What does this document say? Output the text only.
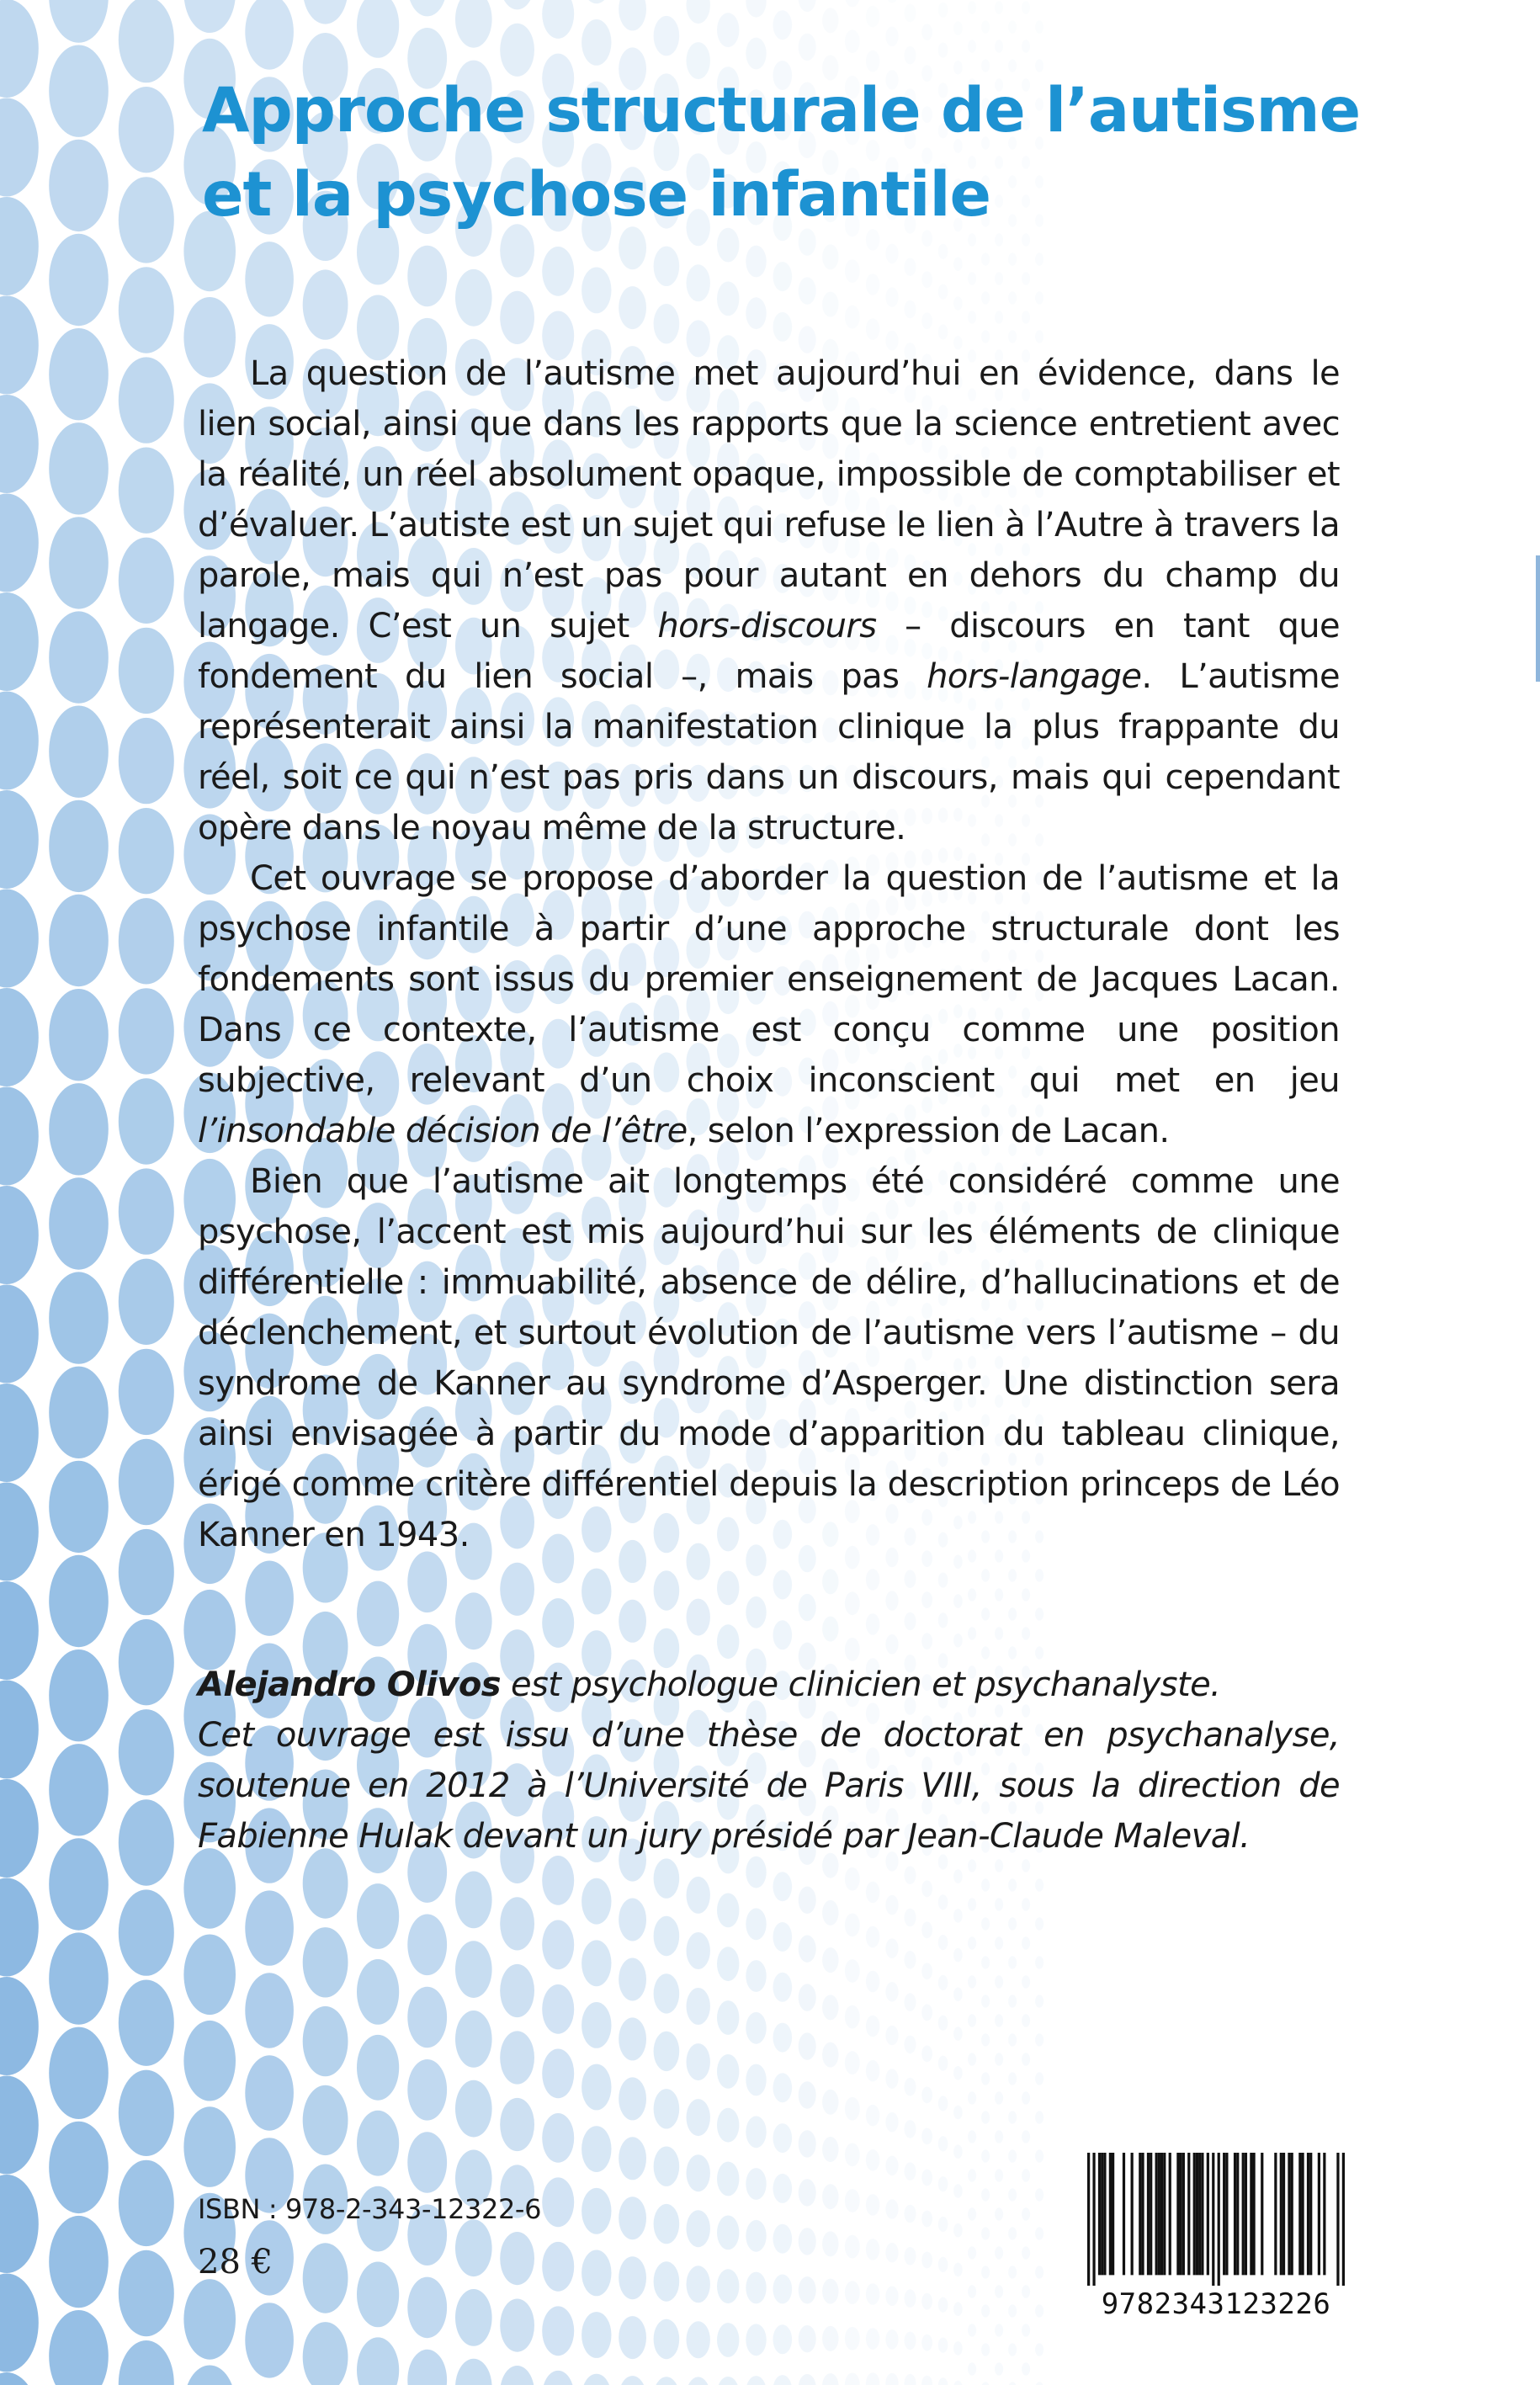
Approche structurale de l’autisme
et la psychose infantile

La question de l’autisme met aujourd’hui en évidence, dans le lien social, ainsi que dans les rapports que la science entretient avec la réalité, un réel absolument opaque, impossible de comptabiliser et d’évaluer. L’autiste est un sujet qui refuse le lien à l’Autre à travers la parole, mais qui n’est pas pour autant en dehors du champ du langage. C’est un sujet hors-discours – discours en tant que fondement du lien social –, mais pas hors-langage. L’autisme représenterait ainsi la manifestation clinique la plus frappante du réel, soit ce qui n’est pas pris dans un discours, mais qui cependant opère dans le noyau même de la structure.

Cet ouvrage se propose d’aborder la question de l’autisme et la psychose infantile à partir d’une approche structurale dont les fondements sont issus du premier enseignement de Jacques Lacan. Dans ce contexte, l’autisme est conçu comme une position subjective, relevant d’un choix inconscient qui met en jeu l’insondable décision de l’être, selon l’expression de Lacan.

Bien que l’autisme ait longtemps été considéré comme une psychose, l’accent est mis aujourd’hui sur les éléments de clinique différentielle : immuabilité, absence de délire, d’hallucinations et de déclenchement, et surtout évolution de l’autisme vers l’autisme – du syndrome de Kanner au syndrome d’Asperger. Une distinction sera ainsi envisagée à partir du mode d’apparition du tableau clinique, érigé comme critère différentiel depuis la description princeps de Léo Kanner en 1943.

Alejandro Olivos est psychologue clinicien et psychanalyste.

Cet ouvrage est issu d’une thèse de doctorat en psychanalyse, soutenue en 2012 à l’Université de Paris VIII, sous la direction de Fabienne Hulak devant un jury présidé par Jean-Claude Maleval.

ISBN : 978-2-343-12322-6
28 €
9782343123226
